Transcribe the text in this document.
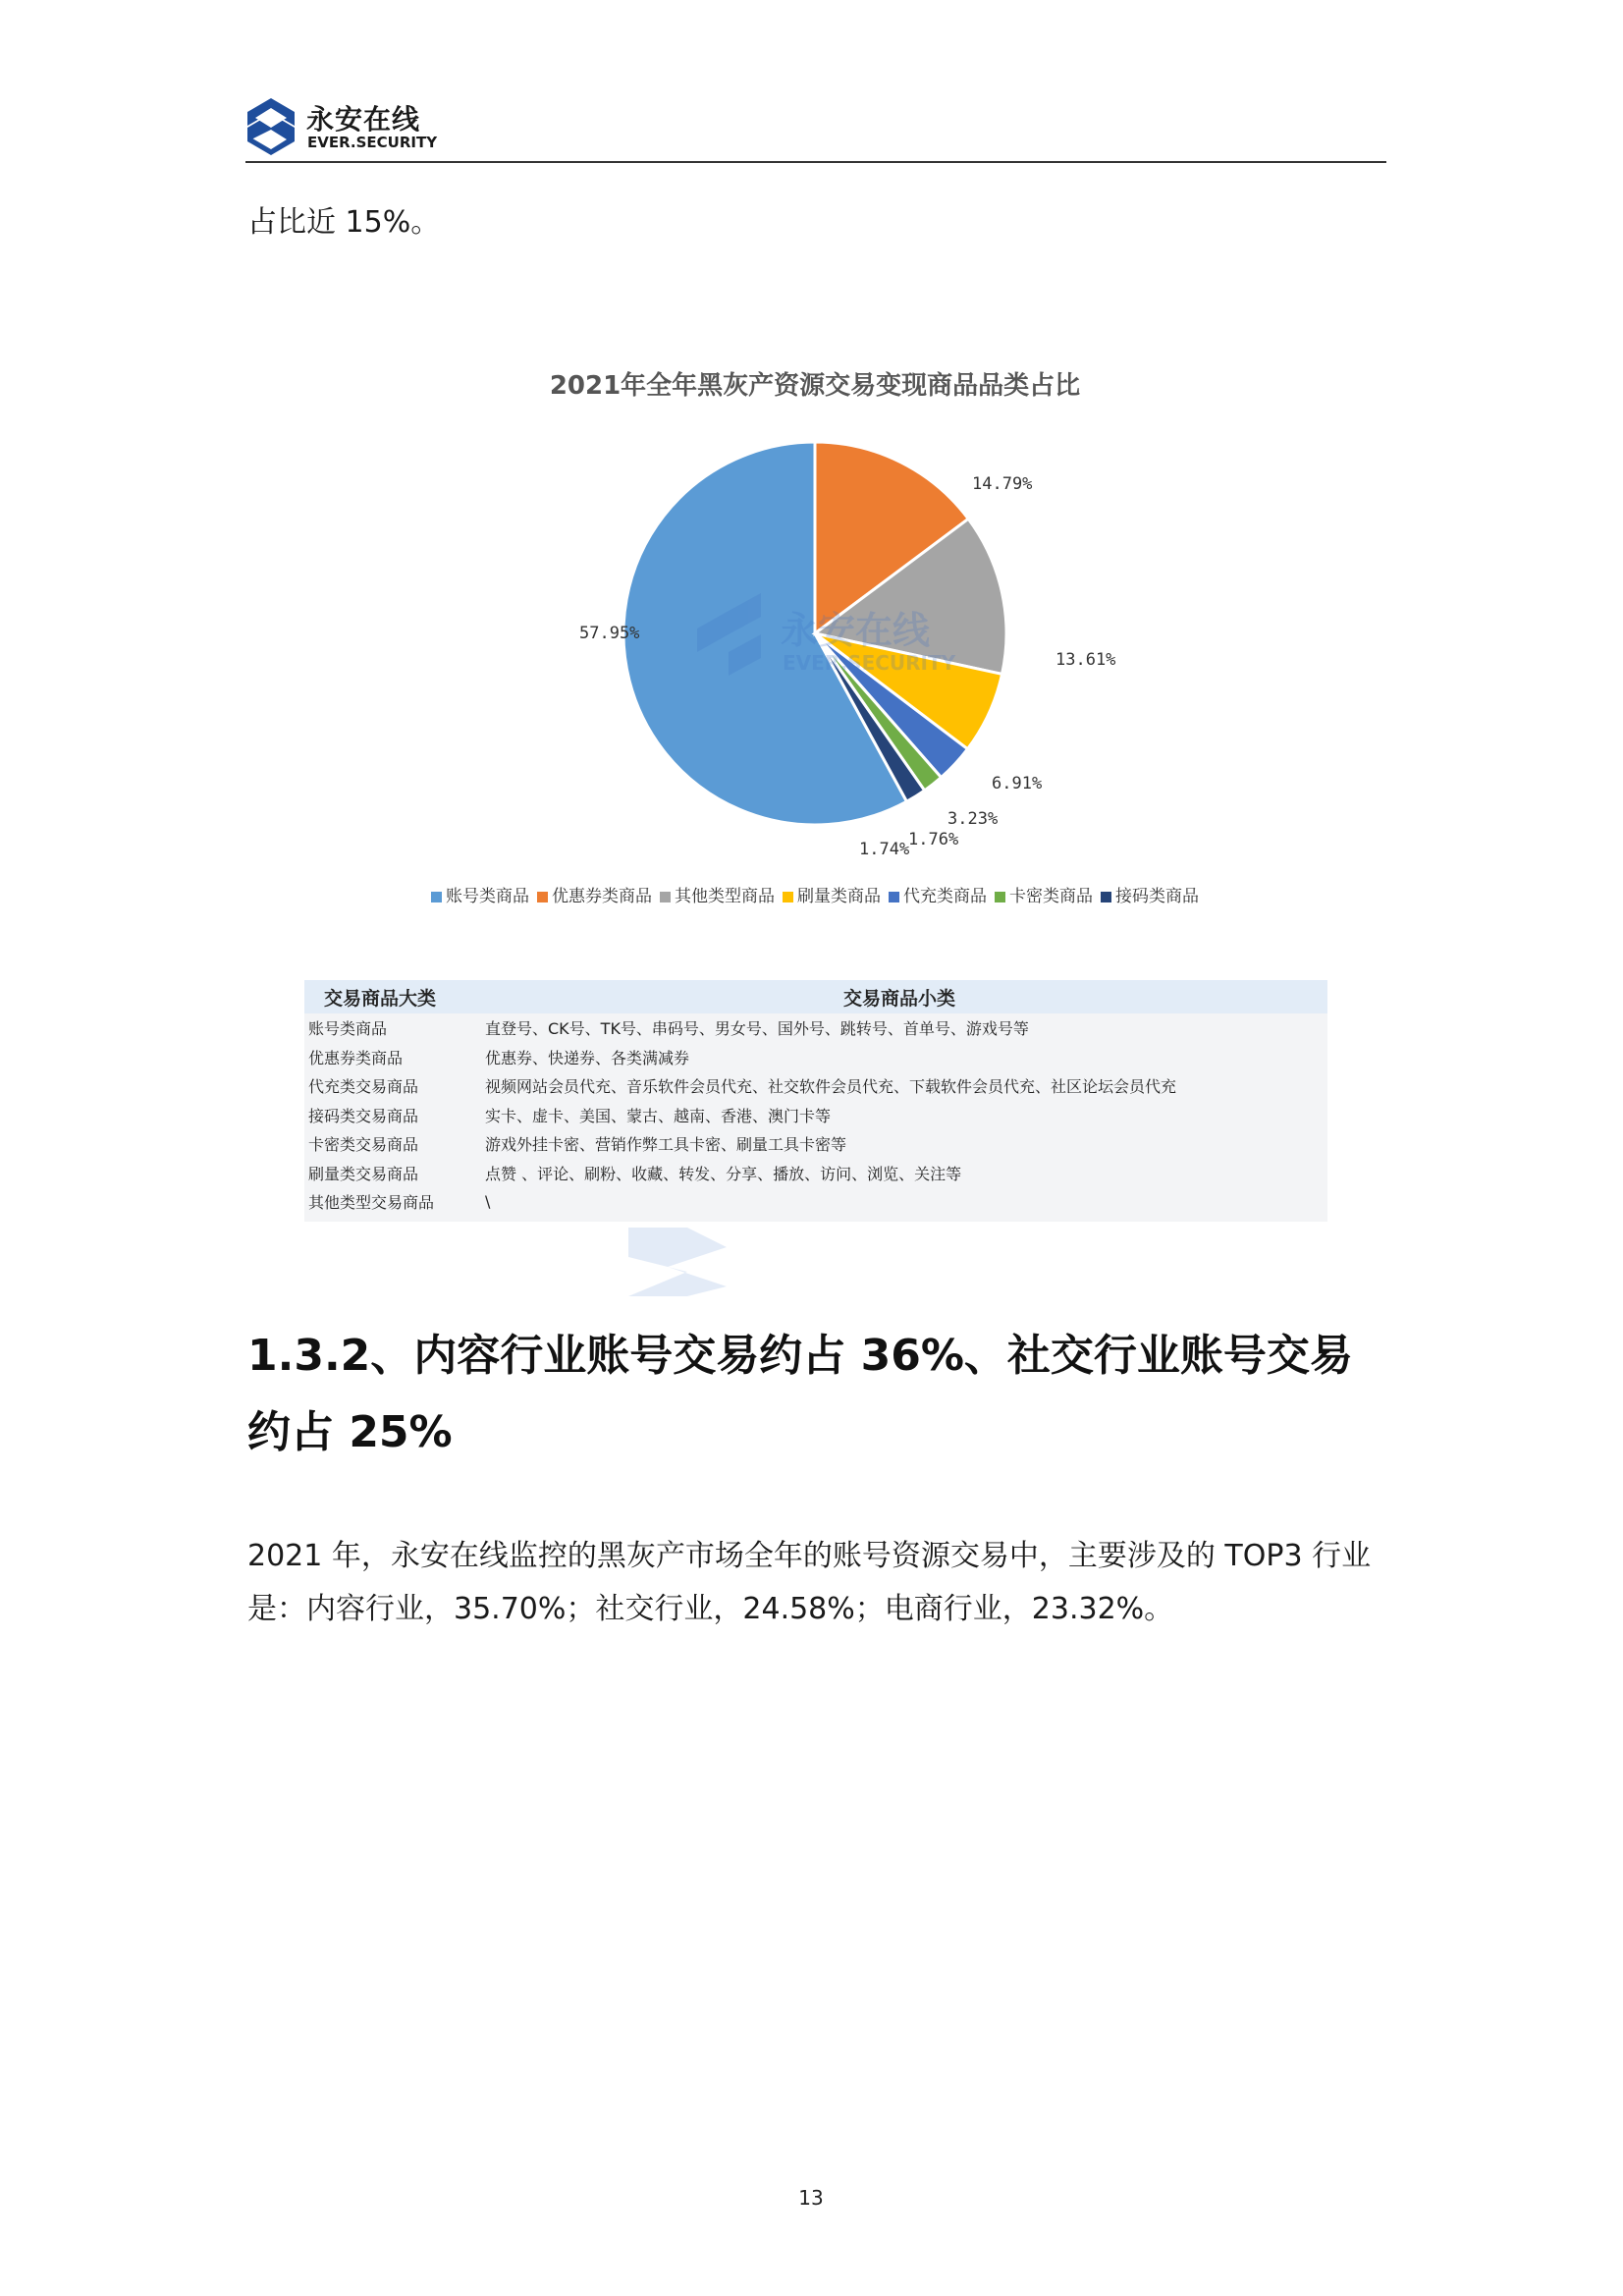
永安在线
EVER.SECURITY

占比近 15%。

2021年全年黑灰产资源交易变现商品品类占比
57.95%
14.79%
13.61%
6.91%
3.23%
1.76%
1.74%
账号类商品 优惠券类商品 其他类型商品 刷量类商品 代充类商品 卡密类商品 接码类商品
交易商品大类	交易商品小类
账号类商品	直登号、CK号、TK号、串码号、男女号、国外号、跳转号、首单号、游戏号等
优惠券类商品	优惠券、快递券、各类满减券
代充类交易商品	视频网站会员代充、音乐软件会员代充、社交软件会员代充、下载软件会员代充、社区论坛会员代充
接码类交易商品	实卡、虚卡、美国、蒙古、越南、香港、澳门卡等
卡密类交易商品	游戏外挂卡密、营销作弊工具卡密、刷量工具卡密等
刷量类交易商品	点赞 、评论、刷粉、收藏、转发、分享、播放、访问、浏览、关注等
其他类型交易商品	\
永安在线
EVER.SECURITY
1.3.2、内容行业账号交易约占 36%、社交行业账号交易约占 25%

2021 年，永安在线监控的黑灰产市场全年的账号资源交易中，主要涉及的 TOP3 行业是：内容行业，35.70%；社交行业，24.58%；电商行业，23.32%。

13
